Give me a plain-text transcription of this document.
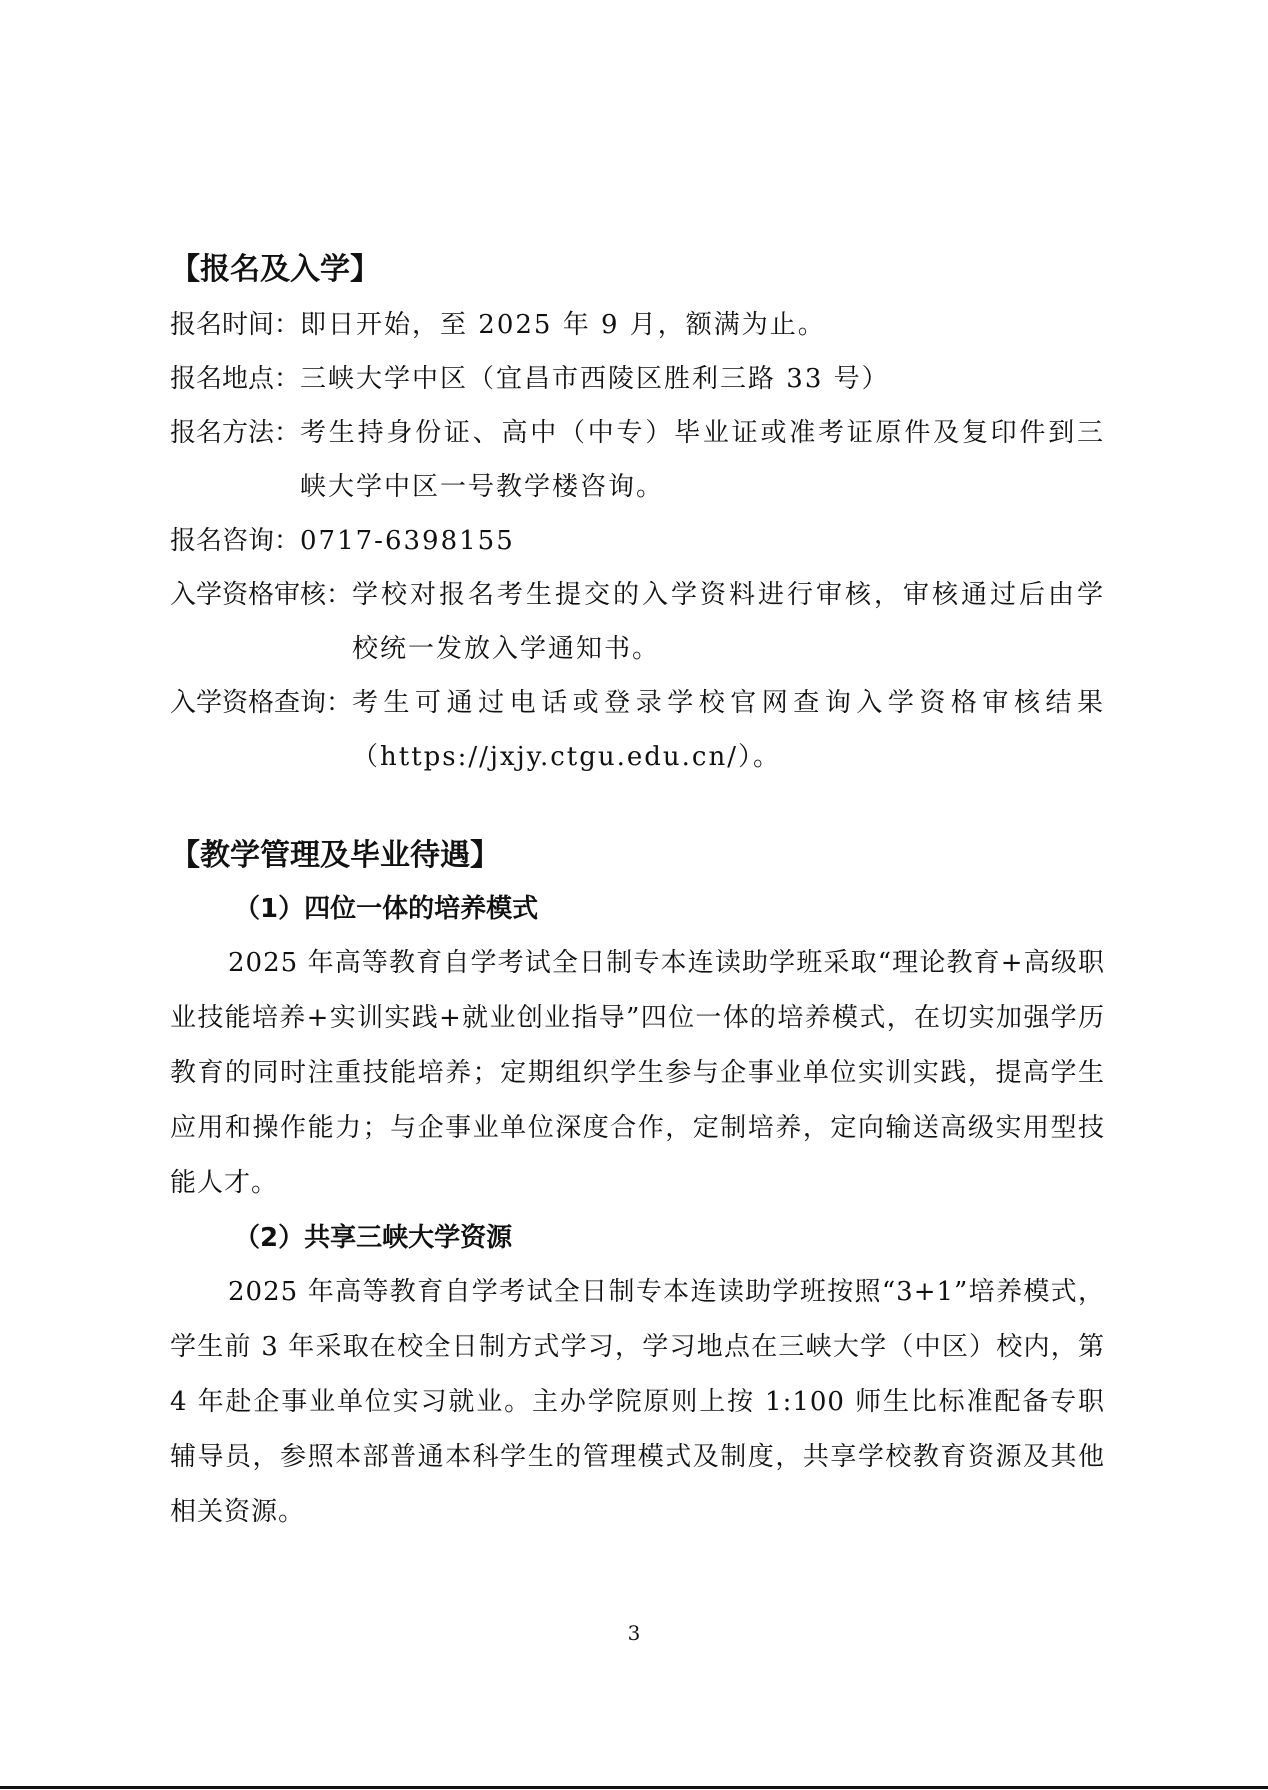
【报名及入学】
报名时间： 即日开始，至 2025 年 9 月，额满为止。
报名地点： 三峡大学中区（宜昌市西陵区胜利三路 33 号）
报名方法： 考生持身份证、高中（中专）毕业证或准考证原件及复印件到三峡大学中区一号教学楼咨询。
报名咨询： 0717-6398155
入学资格审核： 学校对报名考生提交的入学资料进行审核，审核通过后由学校统一发放入学通知书。
入学资格查询： 考生可通过电话或登录学校官网查询入学资格审核结果（https://jxjy.ctgu.edu.cn/）。
【教学管理及毕业待遇】
（1）四位一体的培养模式

2025 年高等教育自学考试全日制专本连读助学班采取“理论教育+高级职业技能培养+实训实践+就业创业指导”四位一体的培养模式，在切实加强学历教育的同时注重技能培养；定期组织学生参与企事业单位实训实践，提高学生应用和操作能力；与企事业单位深度合作，定制培养，定向输送高级实用型技能人才。

（2）共享三峡大学资源

2025 年高等教育自学考试全日制专本连读助学班按照“3+1”培养模式，学生前 3 年采取在校全日制方式学习，学习地点在三峡大学（中区）校内，第 4 年赴企事业单位实习就业。主办学院原则上按 1:100 师生比标准配备专职辅导员，参照本部普通本科学生的管理模式及制度，共享学校教育资源及其他相关资源。

3
